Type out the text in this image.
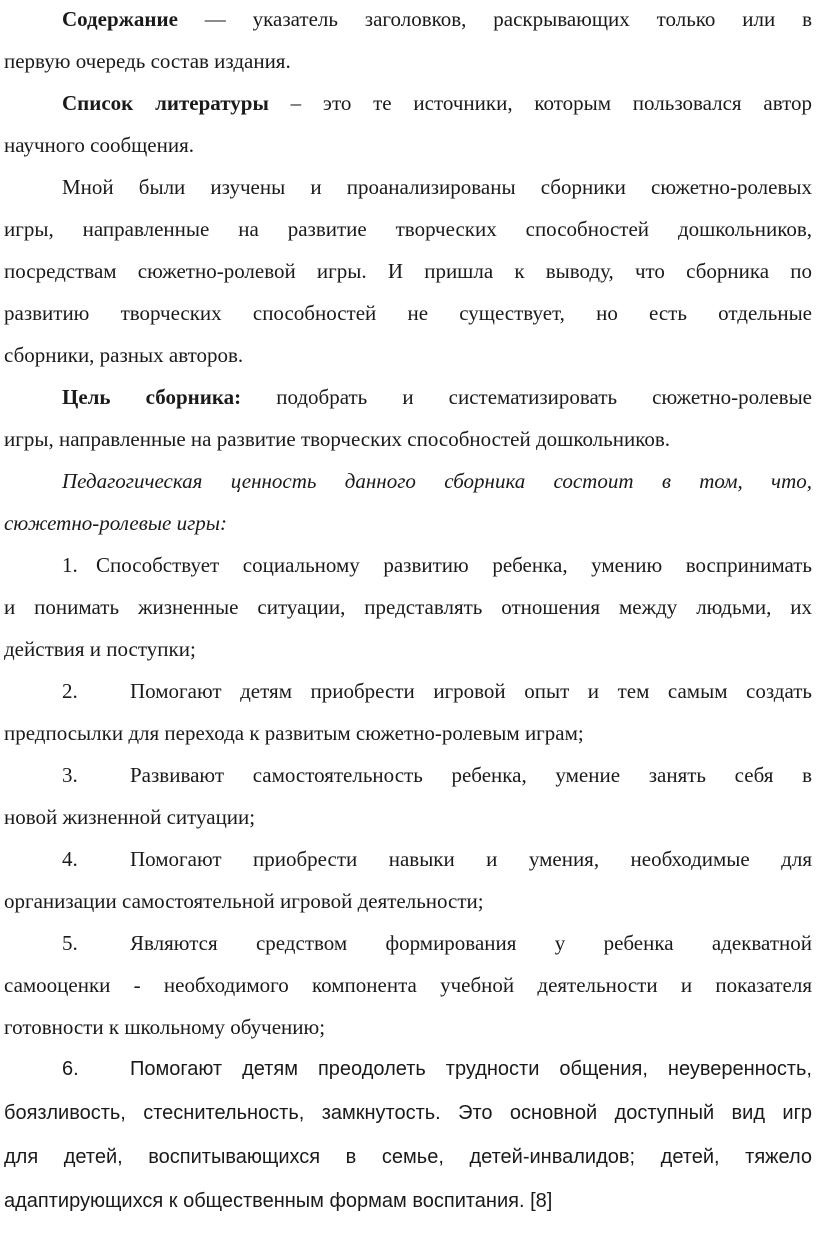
Содержание — указатель заголовков, раскрывающих только или в

первую очередь состав издания.

Список литературы – это те источники, которым пользовался автор

научного сообщения.

Мной были изучены и проанализированы сборники сюжетно-ролевых

игры, направленные на развитие творческих способностей дошкольников,

посредствам сюжетно-ролевой игры. И пришла к выводу, что сборника по

развитию творческих способностей не существует, но есть отдельные

сборники, разных авторов.

Цель сборника: подобрать и систематизировать сюжетно-ролевые

игры, направленные на развитие творческих способностей дошкольников.

Педагогическая ценность данного сборника состоит в том, что,

сюжетно-ролевые игры:

1. Способствует социальному развитию ребенка, умению воспринимать

и понимать жизненные ситуации, представлять отношения между людьми, их

действия и поступки;

2. Помогают детям приобрести игровой опыт и тем самым создать

предпосылки для перехода к развитым сюжетно-ролевым играм;

3. Развивают самостоятельность ребенка, умение занять себя в

новой жизненной ситуации;

4. Помогают приобрести навыки и умения, необходимые для

организации самостоятельной игровой деятельности;

5. Являются средством формирования у ребенка адекватной

самооценки - необходимого компонента учебной деятельности и показателя

готовности к школьному обучению;

6.	Помогают детям преодолеть трудности общения, неуверенность,

боязливость, стеснительность, замкнутость. Это основной доступный вид игр

для детей, воспитывающихся в семье, детей-инвалидов; детей, тяжело

адаптирующихся к общественным формам воспитания. [8]
